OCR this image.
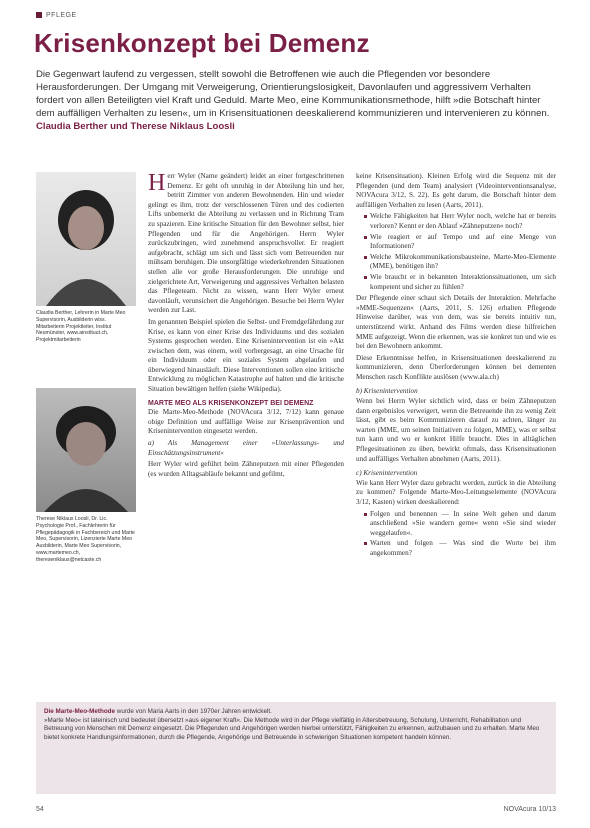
PFLEGE
Krisenkonzept bei Demenz
Die Gegenwart laufend zu vergessen, stellt sowohl die Betroffenen wie auch die Pflegenden vor besondere Herausforderungen. Der Umgang mit Verweigerung, Orientierungslosigkeit, Davonlaufen und aggressivem Verhalten fordert von allen Beteiligten viel Kraft und Geduld. Marte Meo, eine Kommunikationsmethode, hilft »die Botschaft hinter dem auffälligen Verhalten zu lesen«, um in Krisensituationen deeskalierend kommunizieren und intervenieren zu können. Claudia Berther und Therese Niklaus Loosli
Claudia Berther, Lehrerin in Marte Meo Supervisorin, Ausbilderin wiss. Mitarbeiterin Projektleiter, Institut Neumünster, www.ainstituut.ch, Projektmitarbeiterin
Therese Niklaus Loosli, Dr. Lic. Psychologie Prof., Fachlehrerin für Pflegepädagogik in Fachbereich und Marte Meo, Supervisorin, Lizenzierte Marte Meo Ausbilderin, Marte Meo Supervisorin, www.martemeo.ch, thereseniklaus@netcaste.ch

Herr Wyler (Name geändert) leidet an einer fortgeschrittenen Demenz. Er geht oft unruhig in der Abteilung hin und her, betritt Zimmer von anderen Bewohnenden. Hin und wieder gelingt es ihm, trotz der verschlossenen Türen und des codierten Lifts unbemerkt die Abteilung zu verlassen und in Richtung Tram zu spazieren. Eine kritische Situation für den Bewohner selbst, hier Pflegenden und für die Angehörigen. Herrn Wyler zurückzubringen, wird zunehmend anspruchsvoller. Er reagiert aufgebracht, schlägt um sich und lässt sich vom Betreuenden nur mühsam beruhigen. Die unsorgfältige wiederkehrenden Situationen stellen alle vor große Herausforderungen. Die unruhige und zielgerichtete Art, Verweigerung und aggressives Verhalten belasten das Pflegeteam. Nicht zu wissen, wann Herr Wyler erneut davonläuft, verunsichert die Angehörigen. Besuche bei Herrn Wyler werden zur Last.

Im genannten Beispiel spielen die Selbst- und Fremdgefährdung zur Krise, es kann von einer Krise des Individuums und des sozialen Systems gesprochen werden. Eine Krisenintervention ist ein »Akt zwischen dem, was einem, weil vorhergesagt, an eine Ursache für ein Individuum oder ein soziales System abgelaufen und überwiegend hinausläuft. Diese Interventionen sollen eine kritische Entwicklung zu möglichen Katastrophe auf halten und die kritische Situation bewältigen helfen (siehe Wikipedia).

MARTE MEO ALS KRISENKONZEPT BEI DEMENZ

Die Marte-Meo-Methode (NOVAcura 3/12, 7/12) kann genaue obige Definition und auffällige Weise zur Krisenprävention und Krisenintervention eingesetzt werden.

a) Als Management einer »Unterlassungs- und Einschätzungsinstrument«

Herr Wyler wird geführt beim Zähneputzen mit einer Pflegenden (es wurden Alltagsabläufe bekannt und gefilmt,

keine Krisensituation). Kleinen Erfolg wird die Sequenz mit der Pflegenden (und dem Team) analysiert (Videointerventionsanalyse, NOVAcura 3/12, S. 22). Es geht darum, die Botschaft hinter dem auffälligen Verhalten zu lesen (Aarts, 2011).

Welche Fähigkeiten hat Herr Wyler noch, welche hat er bereits verloren? Kennt er den Ablauf »Zähneputzen« noch?
Wie reagiert er auf Tempo und auf eine Menge von Informationen?
Welche Mikrokommunikationsbausteine, Marte-Meo-Elemente (MME), benötigen ihn?
Wie braucht er in bekannten Interaktionssituationen, um sich kompetent und sicher zu fühlen?

Der Pflegende einer schaut sich Details der Interaktion. Mehrfache »MME-Sequenzen« (Aarts, 2011, S. 126) erhalten Pflegende Hinweise darüber, was von dem, was sie bereits intuitiv tun, unterstützend wirkt. Anhand des Films werden diese hilfreichen MME aufgezeigt. Wenn die erkennen, was sie konkret tun und wie es bei den Bewohnern ankommt.

Diese Erkenntnisse helfen, in Krisensituationen deeskalierend zu kommunizieren, denn Überforderungen können bei dementen Menschen rasch Konflikte auslösen (www.ala.ch)

b) Krisenintervention

Wenn bei Herrn Wyler sichtlich wird, dass er beim Zähneputzen dann ergebnislos verweigert, wenn die Betreuende ihn zu wenig Zeit lässt, gibt es beim Kommunizieren darauf zu achten, länger zu warten (MME, um seinen Initiativen zu folgen, MME), was er selbst tun kann und wo er konkret Hilfe braucht. Dies in alltäglichen Pflegesituationen zu üben, bewirkt oftmals, dass Krisensituationen und auffälliges Verhalten abnehmen (Aarts, 2011).

c) Krisenintervention

Wie kann Herr Wyler dazu gebracht werden, zurück in die Abteilung zu kommen? Folgende Marte-Meo-Leitungselemente (NOVAcura 3/12, Kasten) wirken deeskalierend:

Folgen und benennen — In seine Welt gehen und darum anschließend »Sie wandern gerne« wenn »Sie sind wieder weggelaufen«.
Warten und folgen — Was sind die Worte bei ihm angekommen?
Die Marte-Meo-Methode wurde von Maria Aarts in den 1970er Jahren entwickelt.
»Marte Meo« ist lateinisch und bedeutet übersetzt »aus eigener Kraft«. Die Methode wird in der Pflege vielfältig in Altersbetreuung, Schulung, Unterricht, Rehabilitation und Betreuung von Menschen mit Demenz eingesetzt. Die Pflegenden und Angehörigen werden hierbei unterstützt, Fähigkeiten zu erkennen, aufzubauen und zu erhalten. Marte Meo bietet konkrete Handlungsinformationen, durch die Pflegende, Angehörige und Betreuende in schwierigen Situationen kompetent handeln können.
54	NOVAcura 10/13
